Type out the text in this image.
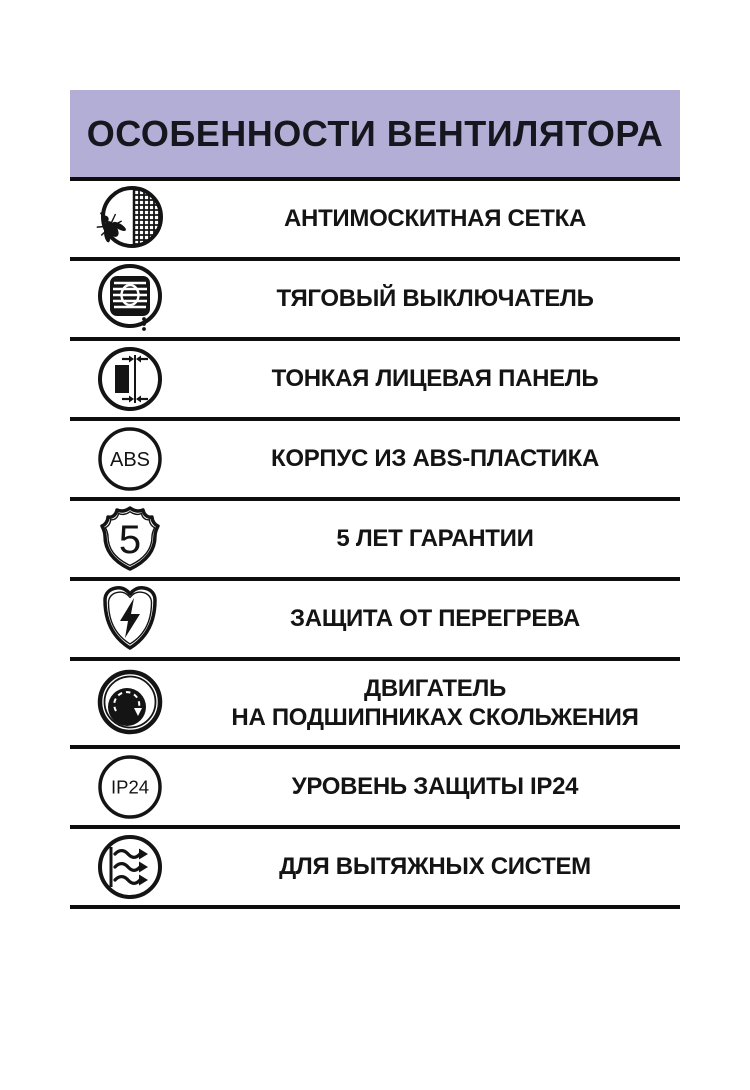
ОСОБЕННОСТИ ВЕНТИЛЯТОРА
АНТИМОСКИТНАЯ СЕТКА
ТЯГОВЫЙ ВЫКЛЮЧАТЕЛЬ
ТОНКАЯ ЛИЦЕВАЯ ПАНЕЛЬ
ABS	КОРПУС ИЗ ABS-ПЛАСТИКА
5	5 ЛЕТ ГАРАНТИИ
ЗАЩИТА ОТ ПЕРЕГРЕВА
ДВИГАТЕЛЬ
НА ПОДШИПНИКАХ СКОЛЬЖЕНИЯ
IP24	УРОВЕНЬ ЗАЩИТЫ IP24
ДЛЯ ВЫТЯЖНЫХ СИСТЕМ
